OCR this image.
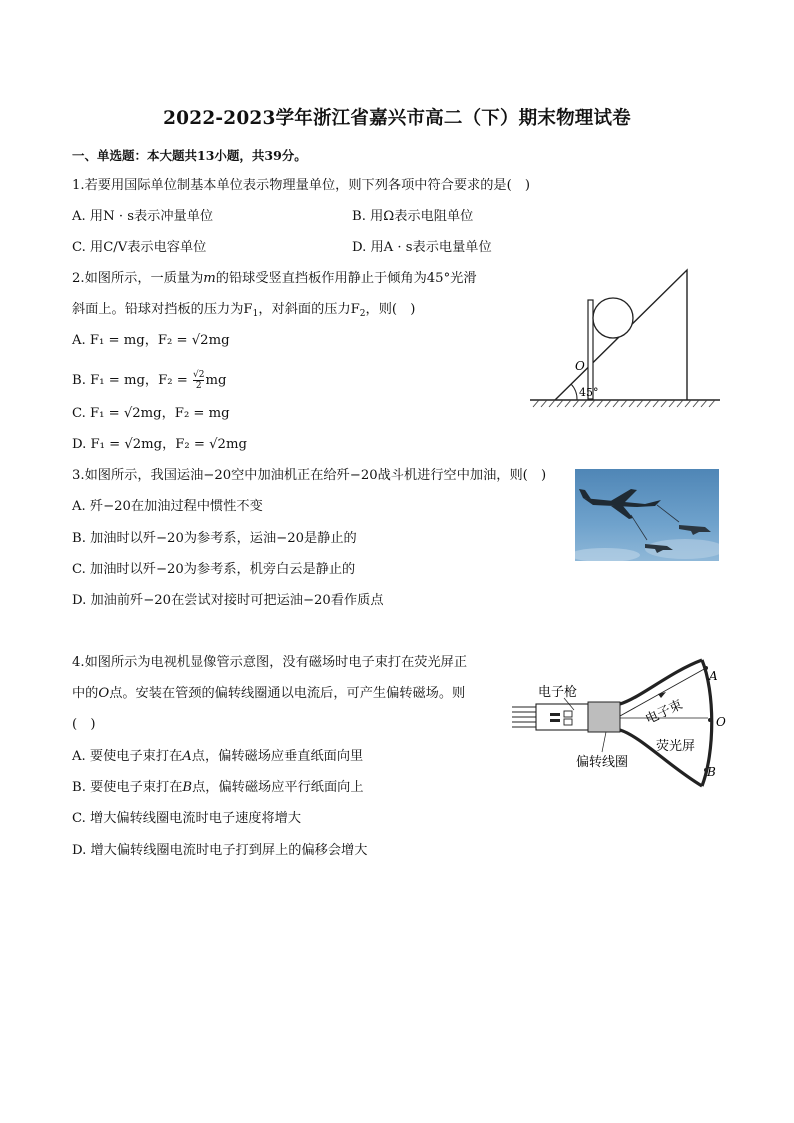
2022-2023学年浙江省嘉兴市高二（下）期末物理试卷
一、单选题：本大题共13小题，共39分。
1.若要用国际单位制基本单位表示物理量单位，则下列各项中符合要求的是(　)
A. 用N · s表示冲量单位	B. 用Ω表示电阻单位
C. 用C/V表示电容单位	D. 用A · s表示电量单位
2.如图所示，一质量为m的铅球受竖直挡板作用静止于倾角为45°光滑
斜面上。铅球对挡板的压力为$F_1$，对斜面的压力$F_2$，则(　)
A. F₁ = mg，F₂ = √2mg
B. F₁ = mg，$F_2 = \frac{√2}{2}$ mg
C. F₁ = √2mg，F₂ = mg
D. F₁ = √2mg，F₂ = √2mg
O
45°
3.如图所示，我国运油−20空中加油机正在给歼−20战斗机进行空中加油，则(　)
A. 歼−20在加油过程中惯性不变
B. 加油时以歼−20为参考系，运油−20是静止的
C. 加油时以歼−20为参考系，机旁白云是静止的
D. 加油前歼−20在尝试对接时可把运油−20看作质点
4.如图所示为电视机显像管示意图，没有磁场时电子束打在荧光屏正
中的O点。安装在管颈的偏转线圈通以电流后，可产生偏转磁场。则
(　)
A. 要使电子束打在A点，偏转磁场应垂直纸面向里
B. 要使电子束打在B点，偏转磁场应平行纸面向上
C. 增大偏转线圈电流时电子速度将增大
D. 增大偏转线圈电流时电子打到屏上的偏移会增大
电子枪
电子束
荧光屏
偏转线圈
A
O
B
